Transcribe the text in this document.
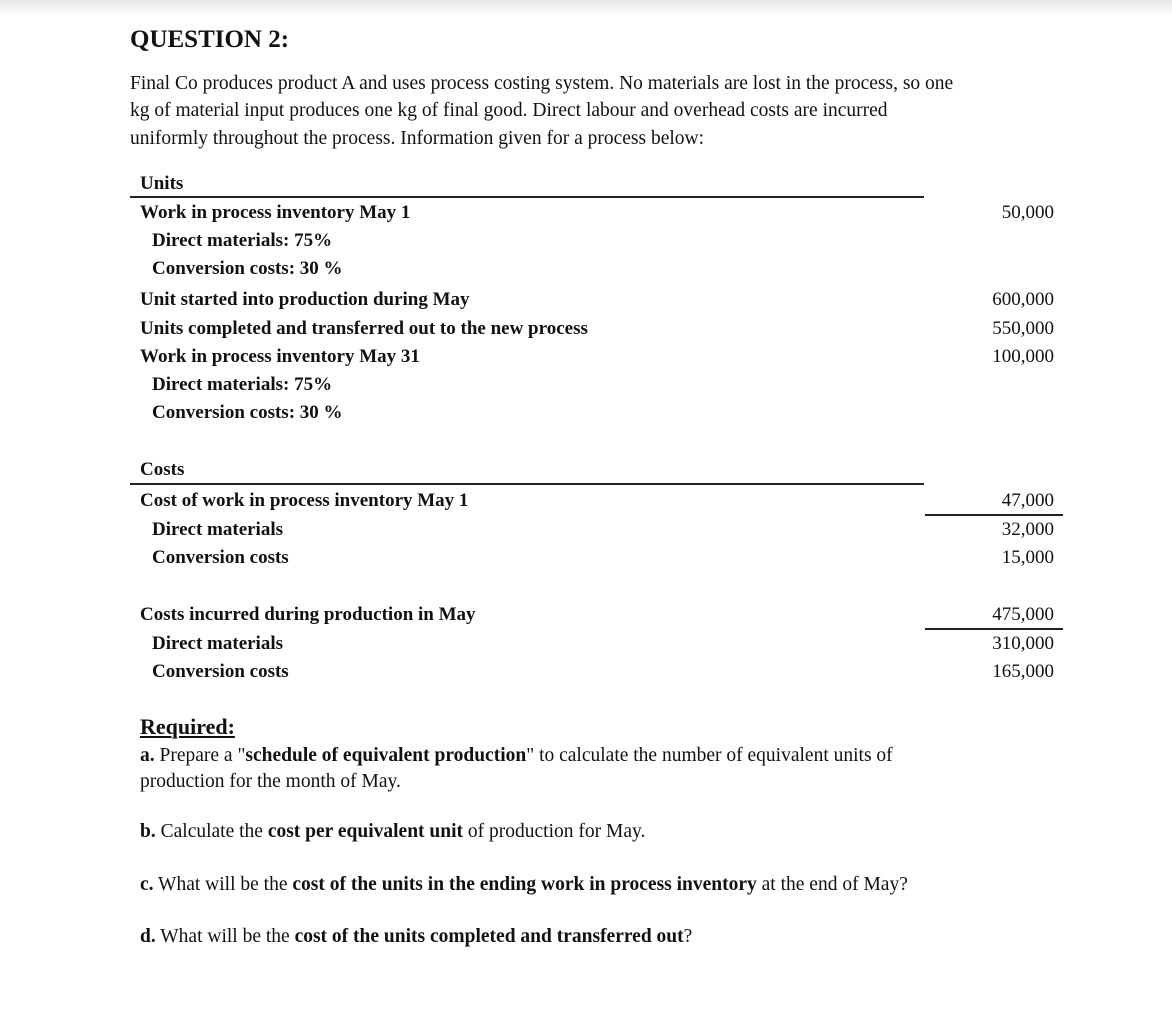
QUESTION 2:
Final Co produces product A and uses process costing system. No materials are lost in the process, so one
kg of material input produces one kg of final good. Direct labour and overhead costs are incurred
uniformly throughout the process. Information given for a process below:
Units
Work in process inventory May 1	50,000
Direct materials: 75%
Conversion costs: 30 %
Unit started into production during May	600,000
Units completed and transferred out to the new process	550,000
Work in process inventory May 31	100,000
Direct materials: 75%
Conversion costs: 30 %
Costs
Cost of work in process inventory May 1	47,000
Direct materials	32,000
Conversion costs	15,000
Costs incurred during production in May	475,000
Direct materials	310,000
Conversion costs	165,000
Required:
a. Prepare a "schedule of equivalent production" to calculate the number of equivalent units of
production for the month of May.
b. Calculate the cost per equivalent unit of production for May.
c. What will be the cost of the units in the ending work in process inventory at the end of May?
d. What will be the cost of the units completed and transferred out?
